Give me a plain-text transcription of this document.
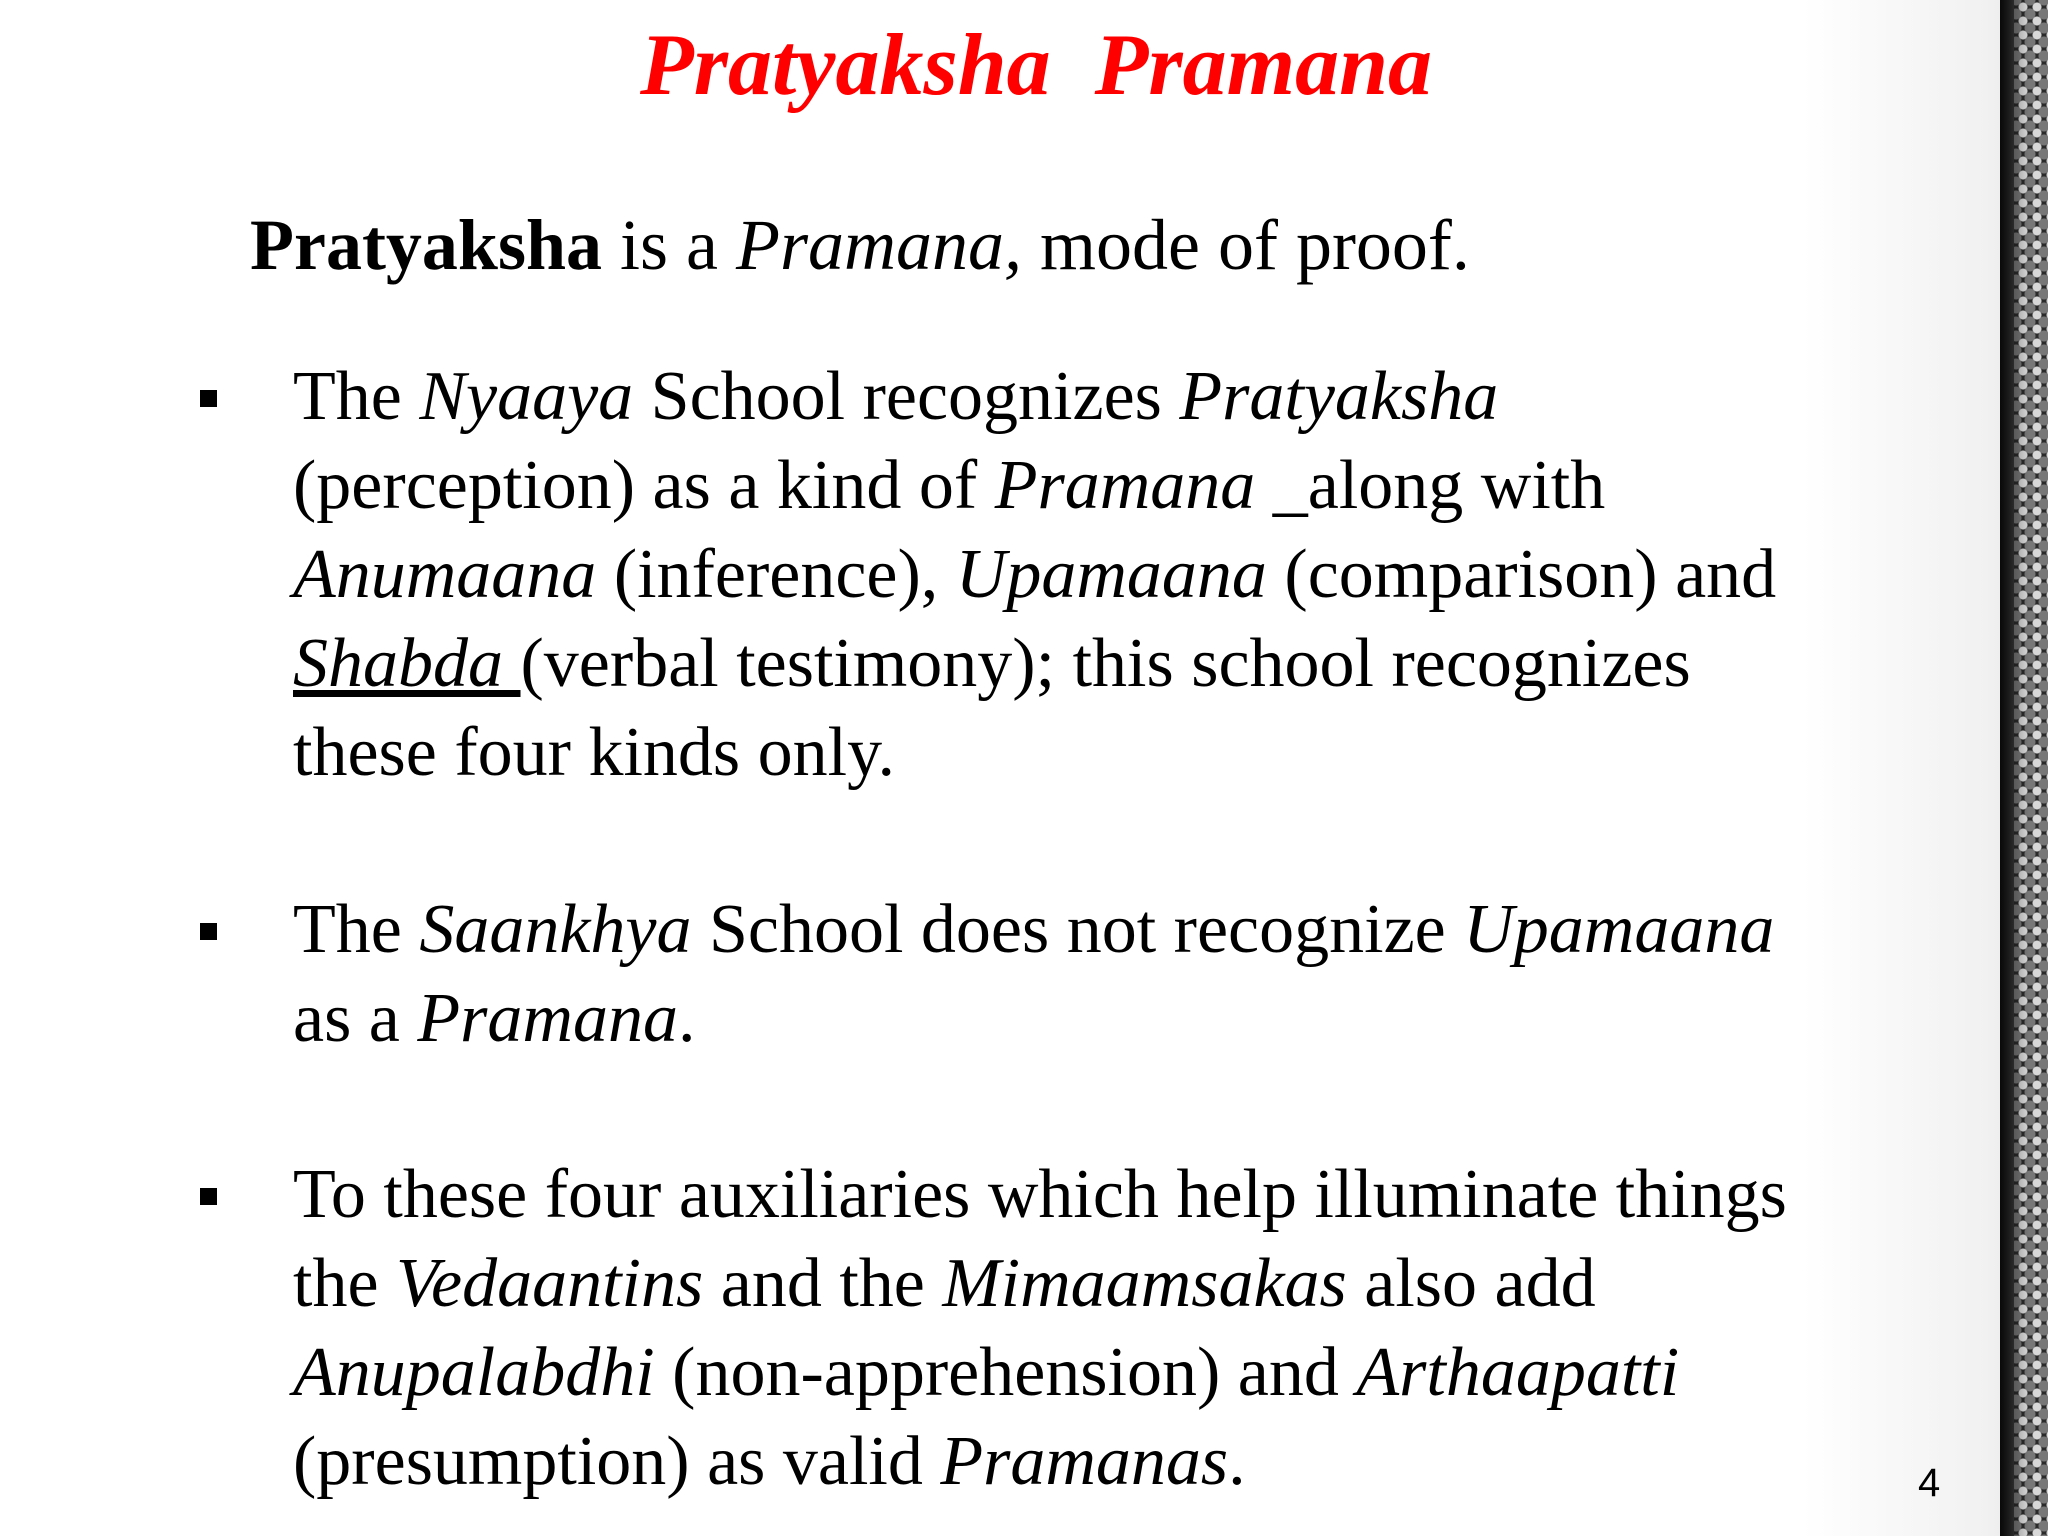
Pratyaksha  Pramana
Pratyaksha is a Pramana, mode of proof.
The Nyaaya School recognizes Pratyaksha
(perception) as a kind of Pramana _along with
Anumaana (inference), Upamaana (comparison) and
Shabda (verbal testimony); this school recognizes
these four kinds only.
The Saankhya School does not recognize Upamaana
as a Pramana.
To these four auxiliaries which help illuminate things
the Vedaantins and the Mimaamsakas also add
Anupalabdhi (non-apprehension) and Arthaapatti
(presumption) as valid Pramanas.	4
